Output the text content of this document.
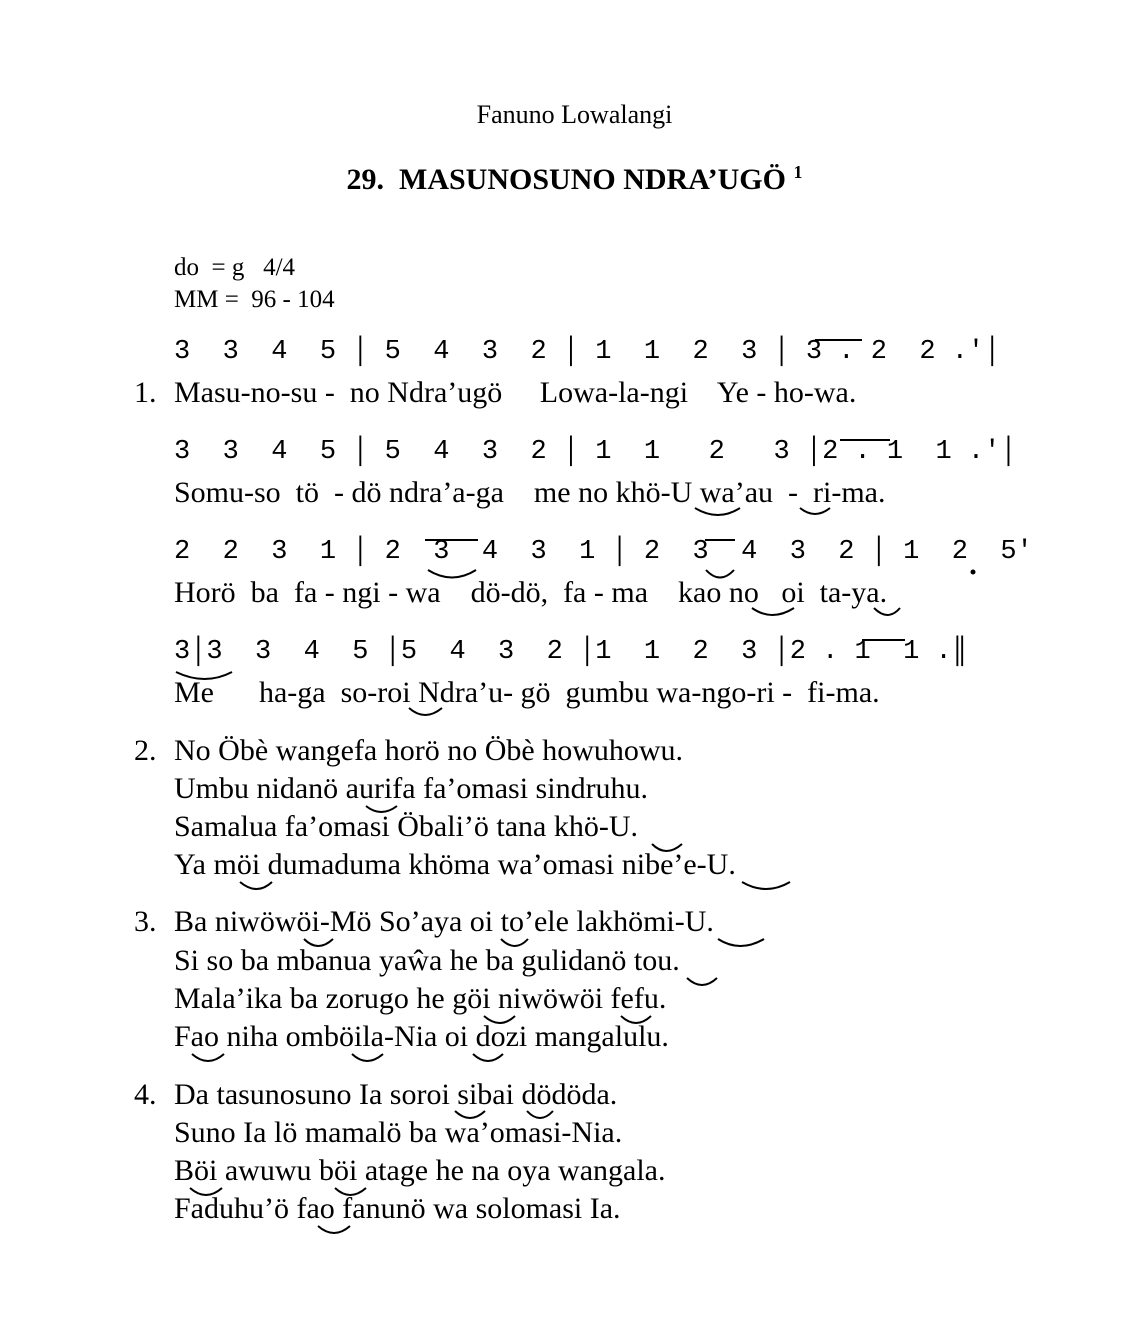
Fanuno Lowalangi
29. MASUNOSUNO NDRA’UGÖ $^1$
do  = g   4/4
MM =  96 - 104
3  3  4  5 │ 5  4  3  2 │ 1  1  2  3 │ 3 . 2  2 .'│
1. Masu-no-su -  no Ndra’ugö     Lowa-la-ngi    Ye - ho-wa.
3  3  4  5 │ 5  4  3  2 │ 1  1   2   3 │2 . 1  1 .'│
Somu-so  tö  - dö ndra’a-ga    me no khö-U wa’au  -  ri-ma.
2  2  3  1 │ 2  3  4  3  1 │ 2  3  4  3  2 │ 1  2  5'
Horö  ba  fa - ngi - wa    dö-dö,  fa - ma    kao no   oi  ta-ya.
3│3  3  4  5 │5  4  3  2 │1  1  2  3 │2 . 1  1 .║
Me      ha-ga  so-roi Ndra’u- gö  gumbu wa-ngo-ri -  fi-ma.
2. No Öbè wangefa horö no Öbè howuhowu.
Umbu nidanö aurifa fa’omasi sindruhu.
Samalua fa’omasi Öbali’ö tana khö-U.
Ya möi dumaduma khöma wa’omasi nibe’e-U.
3. Ba niwöwöi-Mö So’aya oi to’ele lakhömi-U.
Si so ba mbanua yaŵa he ba gulidanö tou.
Mala’ika ba zorugo he göi niwöwöi fefu.
Fao niha omböila-Nia oi dozi mangalulu.
4. Da tasunosuno Ia soroi sibai dödöda.
Suno Ia lö mamalö ba wa’omasi-Nia.
Böi awuwu böi atage he na oya wangala.
Faduhu’ö fao fanunö wa solomasi Ia.
